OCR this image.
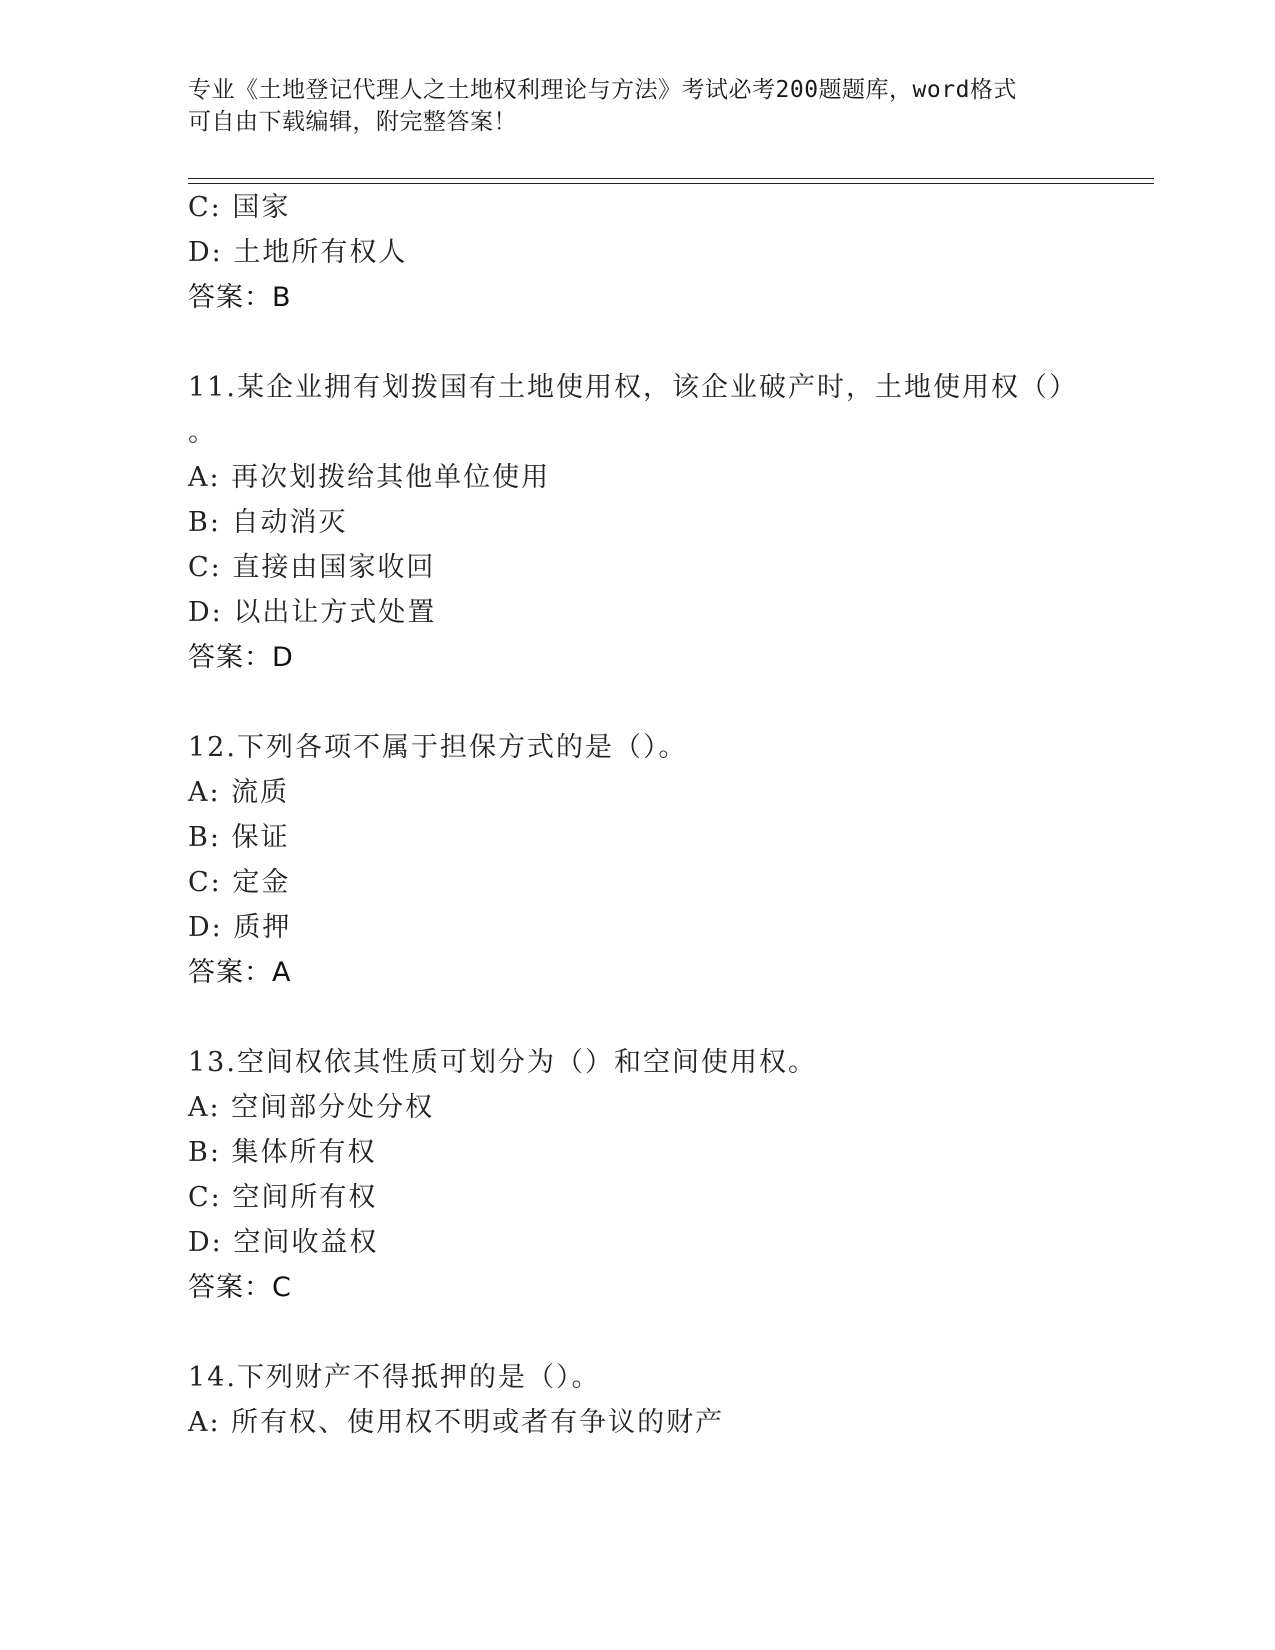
专业《土地登记代理人之土地权利理论与方法》考试必考200题题库，word格式
可自由下载编辑，附完整答案！
C: 国家
D: 土地所有权人
答案：B
11.某企业拥有划拨国有土地使用权，该企业破产时，土地使用权（）
。
A: 再次划拨给其他单位使用
B: 自动消灭
C: 直接由国家收回
D: 以出让方式处置
答案：D
12.下列各项不属于担保方式的是（）。
A: 流质
B: 保证
C: 定金
D: 质押
答案：A
13.空间权依其性质可划分为（）和空间使用权。
A: 空间部分处分权
B: 集体所有权
C: 空间所有权
D: 空间收益权
答案：C
14.下列财产不得抵押的是（）。
A: 所有权、使用权不明或者有争议的财产
